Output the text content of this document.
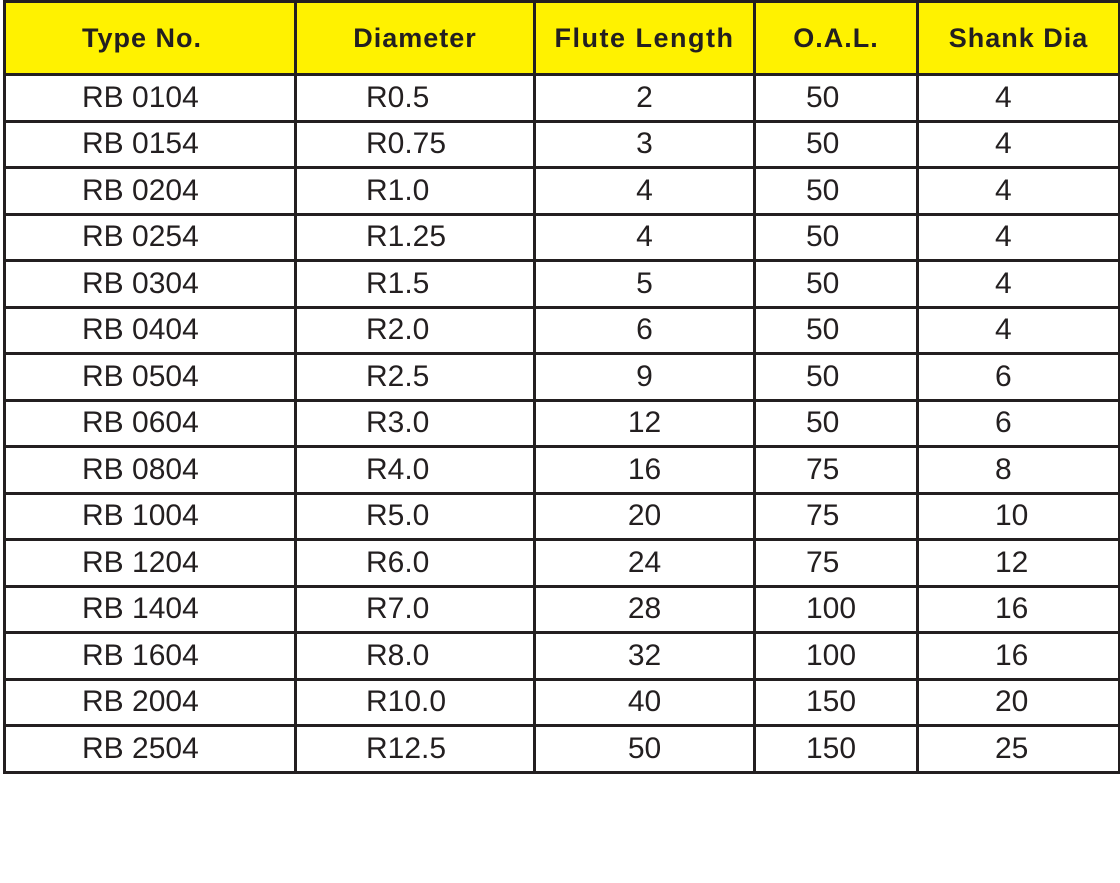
Type No.	Diameter	Flute Length	O.A.L.	Shank Dia
RB 0104	R0.5	2	50	4
RB 0154	R0.75	3	50	4
RB 0204	R1.0	4	50	4
RB 0254	R1.25	4	50	4
RB 0304	R1.5	5	50	4
RB 0404	R2.0	6	50	4
RB 0504	R2.5	9	50	6
RB 0604	R3.0	12	50	6
RB 0804	R4.0	16	75	8
RB 1004	R5.0	20	75	10
RB 1204	R6.0	24	75	12
RB 1404	R7.0	28	100	16
RB 1604	R8.0	32	100	16
RB 2004	R10.0	40	150	20
RB 2504	R12.5	50	150	25
